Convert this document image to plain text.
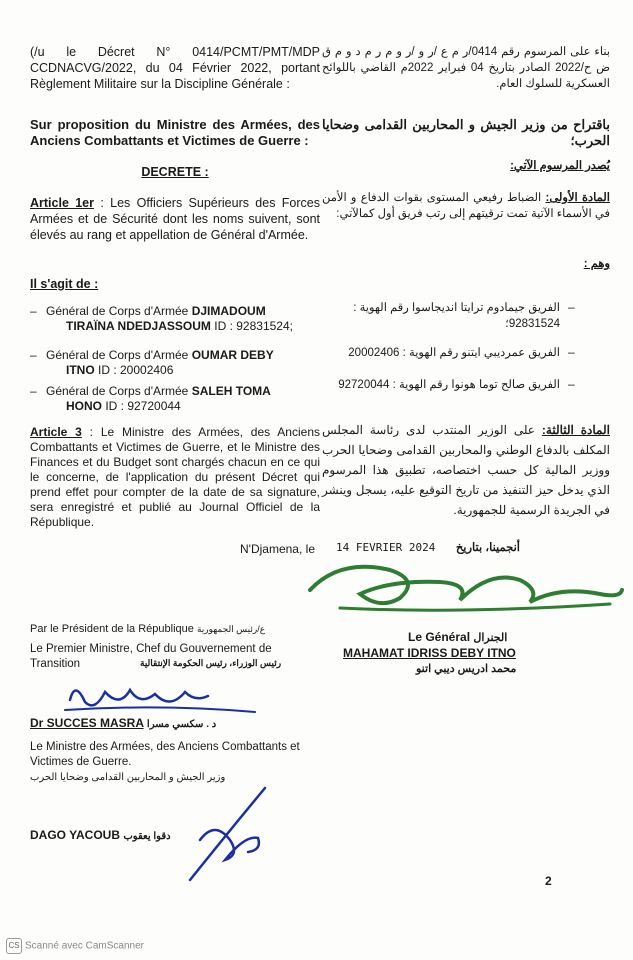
(/u le Décret N° 0414/PCMT/PMT/MDP CCDNACVG/2022, du 04 Février 2022, portant Règlement Militaire sur la Discipline Générale :
Sur proposition du Ministre des Armées, des Anciens Combattants et Victimes de Guerre :
DECRETE :
Article 1er : Les Officiers Supérieurs des Forces Armées et de Sécurité dont les noms suivent, sont élevés au rang et appellation de Général d'Armée.
Il s'agit de :
– Général de Corps d'Armée DJIMADOUM
TIRAÏNA NDEDJASSOUM ID : 92831524;
– Général de Corps d'Armée OUMAR DEBY
ITNO ID : 20002406
– Général de Corps d'Armée SALEH TOMA
HONO ID : 92720044
Article 3 : Le Ministre des Armées, des Anciens Combattants et Victimes de Guerre, et le Ministre des Finances et du Budget sont chargés chacun en ce qui le concerne, de l'application du présent Décret qui prend effet pour compter de la date de sa signature, sera enregistré et publié au Journal Officiel de la République.
N'Djamena, le 14 FEVRIER 2024
بناء على المرسوم رقم 0414/ر م ع /ر و /ر و م ر م د و م ق ض ح/2022 الصادر بتاريخ 04 فبراير 2022م القاضي باللوائح العسكرية للسلوك العام.
باقتراح من وزير الجيش و المحاربين القدامى وضحايا الحرب؛
يُصدر المرسوم الآتي:
المادة الأولى: الضباط رفيعي المستوى بقوات الدفاع و الأمن في الأسماء الآتية تمت ترقيتهم إلى رتب فريق أول كمالآتي:
وهم :
–
الفريق جيمادوم ترايتا انديجاسوا رقم الهوية :
92831524؛
–
الفريق عمرديبي ايتنو رقم الهوية : 20002406
–
الفريق صالح توما هونوا رقم الهوية : 92720044
المادة الثالثة: على الوزير المنتدب لدى رئاسة المجلس المكلف بالدفاع الوطني والمحاربين القدامى وضحايا الحرب ووزير المالية كل حسب اختصاصه، تطبيق هذا المرسوم الذي يدخل حيز التنفيذ من تاريخ التوقيع عليه، يسجل وينشر في الجريدة الرسمية للجمهورية.
أنجمينا، بتاريخ
Le Général الجنرال
MAHAMAT IDRISS DEBY ITNO
محمد ادريس ديبي اتنو
Par le Président de la République ع/رئيس الجمهورية
Le Premier Ministre, Chef du Gouvernement de Transition	رئيس الوزراء، رئيس الحكومة الإنتقالية
Dr SUCCES MASRA د . سكسي مسرا
Le Ministre des Armées, des Anciens Combattants et Victimes de Guerre.
وزير الجيش و المحاربين القدامى وضحايا الحرب
DAGO YACOUB دقوا يعقوب
2
CS Scanné avec CamScanner
